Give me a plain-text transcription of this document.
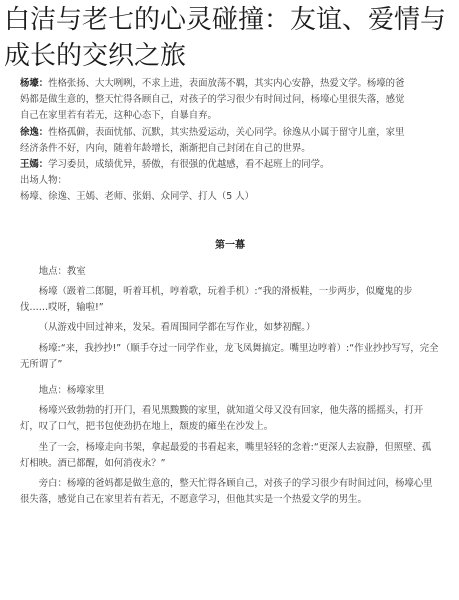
白洁与老七的心灵碰撞：友谊、爱情与成长的交织之旅

杨壕：性格张扬、大大咧咧，不求上进，表面放荡不羁，其实内心安静，热爱文学。杨壕的爸

妈都是做生意的，整天忙得各顾自己，对孩子的学习很少有时间过问，杨壕心里很失落，感觉

自己在家里若有若无，这种心态下，自暴自弃。

徐逸：性格孤僻，表面忧郁、沉默，其实热爱运动，关心同学。徐逸从小属于留守儿童，家里

经济条件不好，内向，随着年龄增长，渐渐把自己封闭在自己的世界。

王嫣：学习委员，成绩优异，骄傲，有很强的优越感，看不起班上的同学。

出场人物：

杨壕、徐逸、王嫣、老师、张娟、众同学、打人（5 人）

第一幕

地点：教室

杨壕（趿着二郎腿，听着耳机，哼着歌，玩着手机）:“我的滑板鞋，一步两步，似魔鬼的步伐……哎呀，输啦!”

（从游戏中回过神来，发呆。看周围同学都在写作业，如梦初醒。）

杨壕:“来，我抄抄!”（顺手夺过一同学作业，龙飞凤舞搞定。嘴里边哼着）:“作业抄抄写写，完全无所谓了”

地点：杨壕家里

杨壕兴致勃勃的打开门，看见黑黢黢的家里，就知道父母又没有回家，他失落的摇摇头，打开灯，叹了口气，把书包使劲扔在地上，颓废的瘫坐在沙发上。

坐了一会，杨壕走向书架，拿起最爱的书看起来，嘴里轻轻的念着:“更深人去寂静，但照壁、孤灯相映。酒已都醒，如何消夜永？”

旁白：杨壕的爸妈都是做生意的，整天忙得各顾自己，对孩子的学习很少有时间过问，杨壕心里很失落，感觉自己在家里若有若无，不愿意学习，但他其实是一个热爱文学的男生。
